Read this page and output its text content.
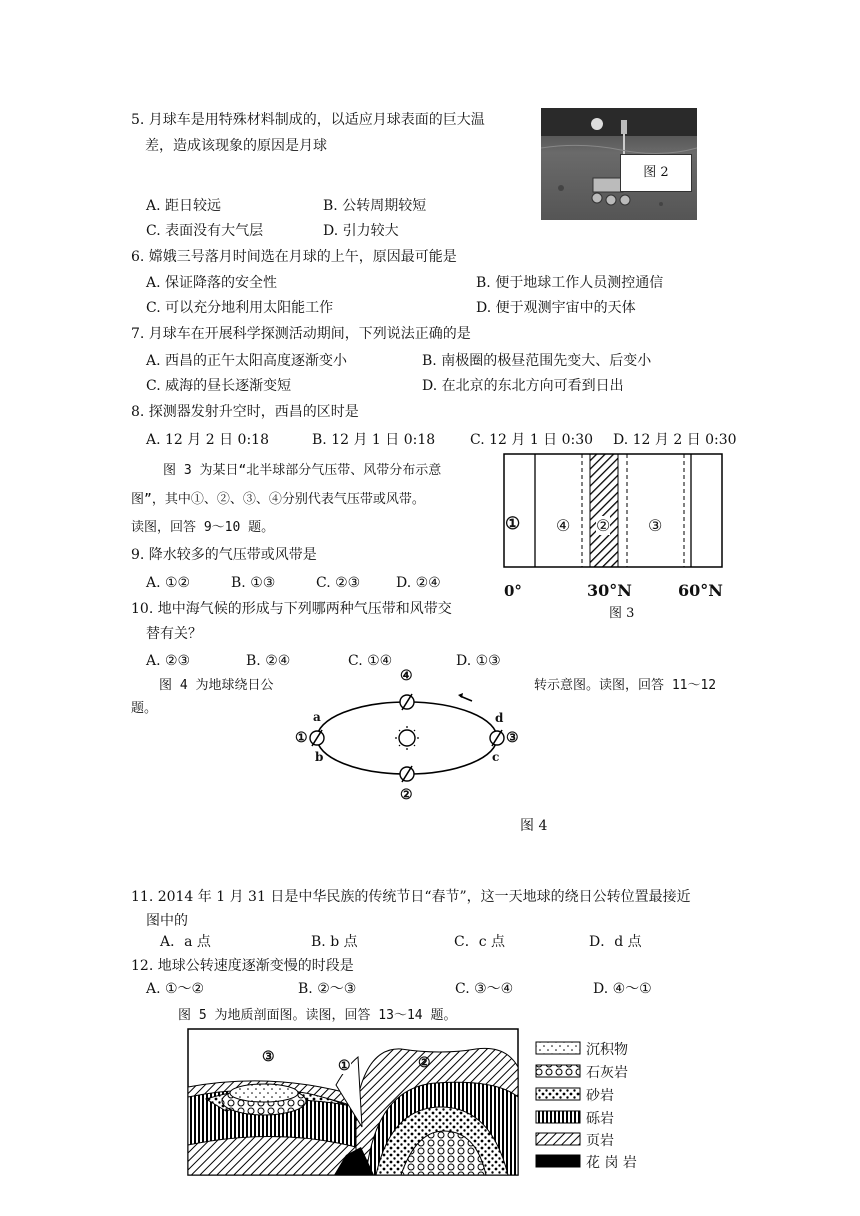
5. 月球车是用特殊材料制成的，以适应月球表面的巨大温
差，造成该现象的原因是月球
A. 距日较远	B. 公转周期较短
C. 表面没有大气层	D. 引力较大
图 2
6. 嫦娥三号落月时间选在月球的上午，原因最可能是
A. 保证降落的安全性	B. 便于地球工作人员测控通信
C. 可以充分地利用太阳能工作	D. 便于观测宇宙中的天体
7. 月球车在开展科学探测活动期间，下列说法正确的是
A. 西昌的正午太阳高度逐渐变小	B. 南极圈的极昼范围先变大、后变小
C. 威海的昼长逐渐变短	D. 在北京的东北方向可看到日出
8. 探测器发射升空时，西昌的区时是
A. 12 月 2 日 0:18	B. 12 月 1 日 0:18 C. 12 月 1 日 0:30 D. 12 月 2 日 0:30
图 3 为某日“北半球部分气压带、风带分布示意
图”，其中①、②、③、④分别代表气压带或风带。
读图，回答 9～10 题。
9. 降水较多的气压带或风带是
A. ①②	B. ①③	C. ②③	D. ②④
10. 地中海气候的形成与下列哪两种气压带和风带交
替有关？
A. ②③	B. ②④	C. ①④	D. ①③
① ④ ② ③
0°	30°N	60°N
图 3
图 4 为地球绕日公	转示意图。读图，回答 11～12
题。
④
②
①	③
a
b	c
d
图 4
11. 2014 年 1 月 31 日是中华民族的传统节日“春节”，这一天地球的绕日公转位置最接近
图中的
A．a 点	B. b 点	C．c 点	D．d 点
12. 地球公转速度逐渐变慢的时段是
A. ①～②	B. ②～③	C. ③～④	D. ④～①
图 5 为地质剖面图。读图，回答 13～14 题。
③
①	②
沉积物
石灰岩
砂岩
砾岩
页岩
花 岗 岩
